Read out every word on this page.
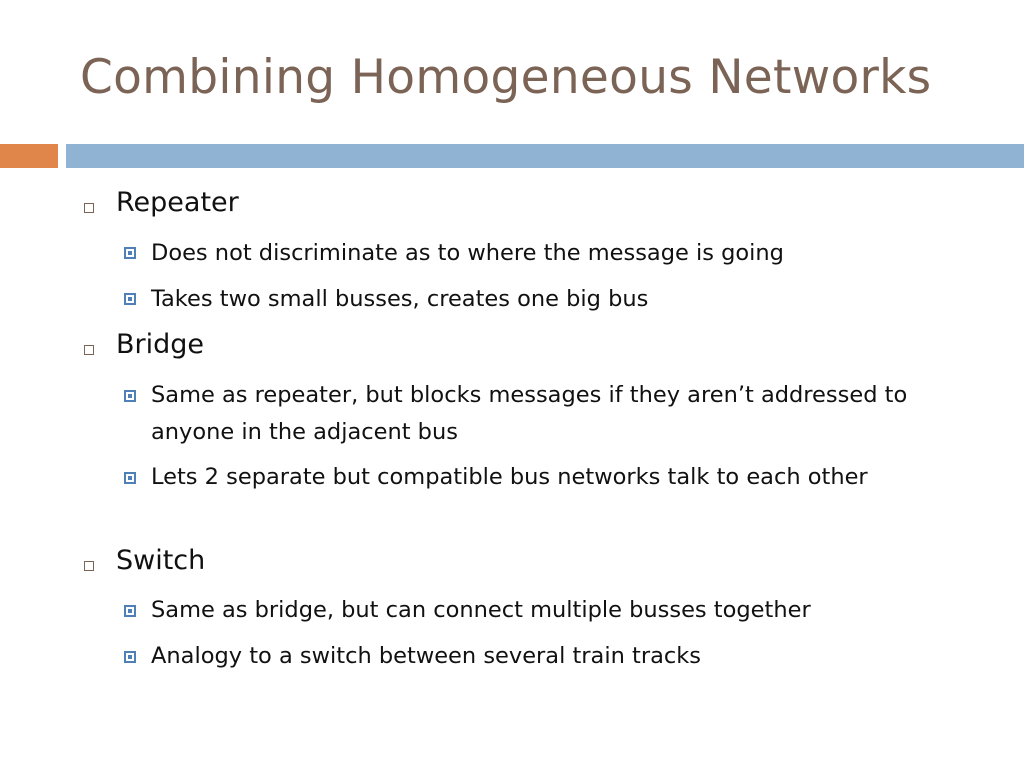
Combining Homogeneous Networks
Repeater
Does not discriminate as to where the message is going
Takes two small busses, creates one big bus
Bridge
Same as repeater, but blocks messages if they aren’t addressed to anyone in the adjacent bus
Lets 2 separate but compatible bus networks talk to each other
Switch
Same as bridge, but can connect multiple busses together
Analogy to a switch between several train tracks
